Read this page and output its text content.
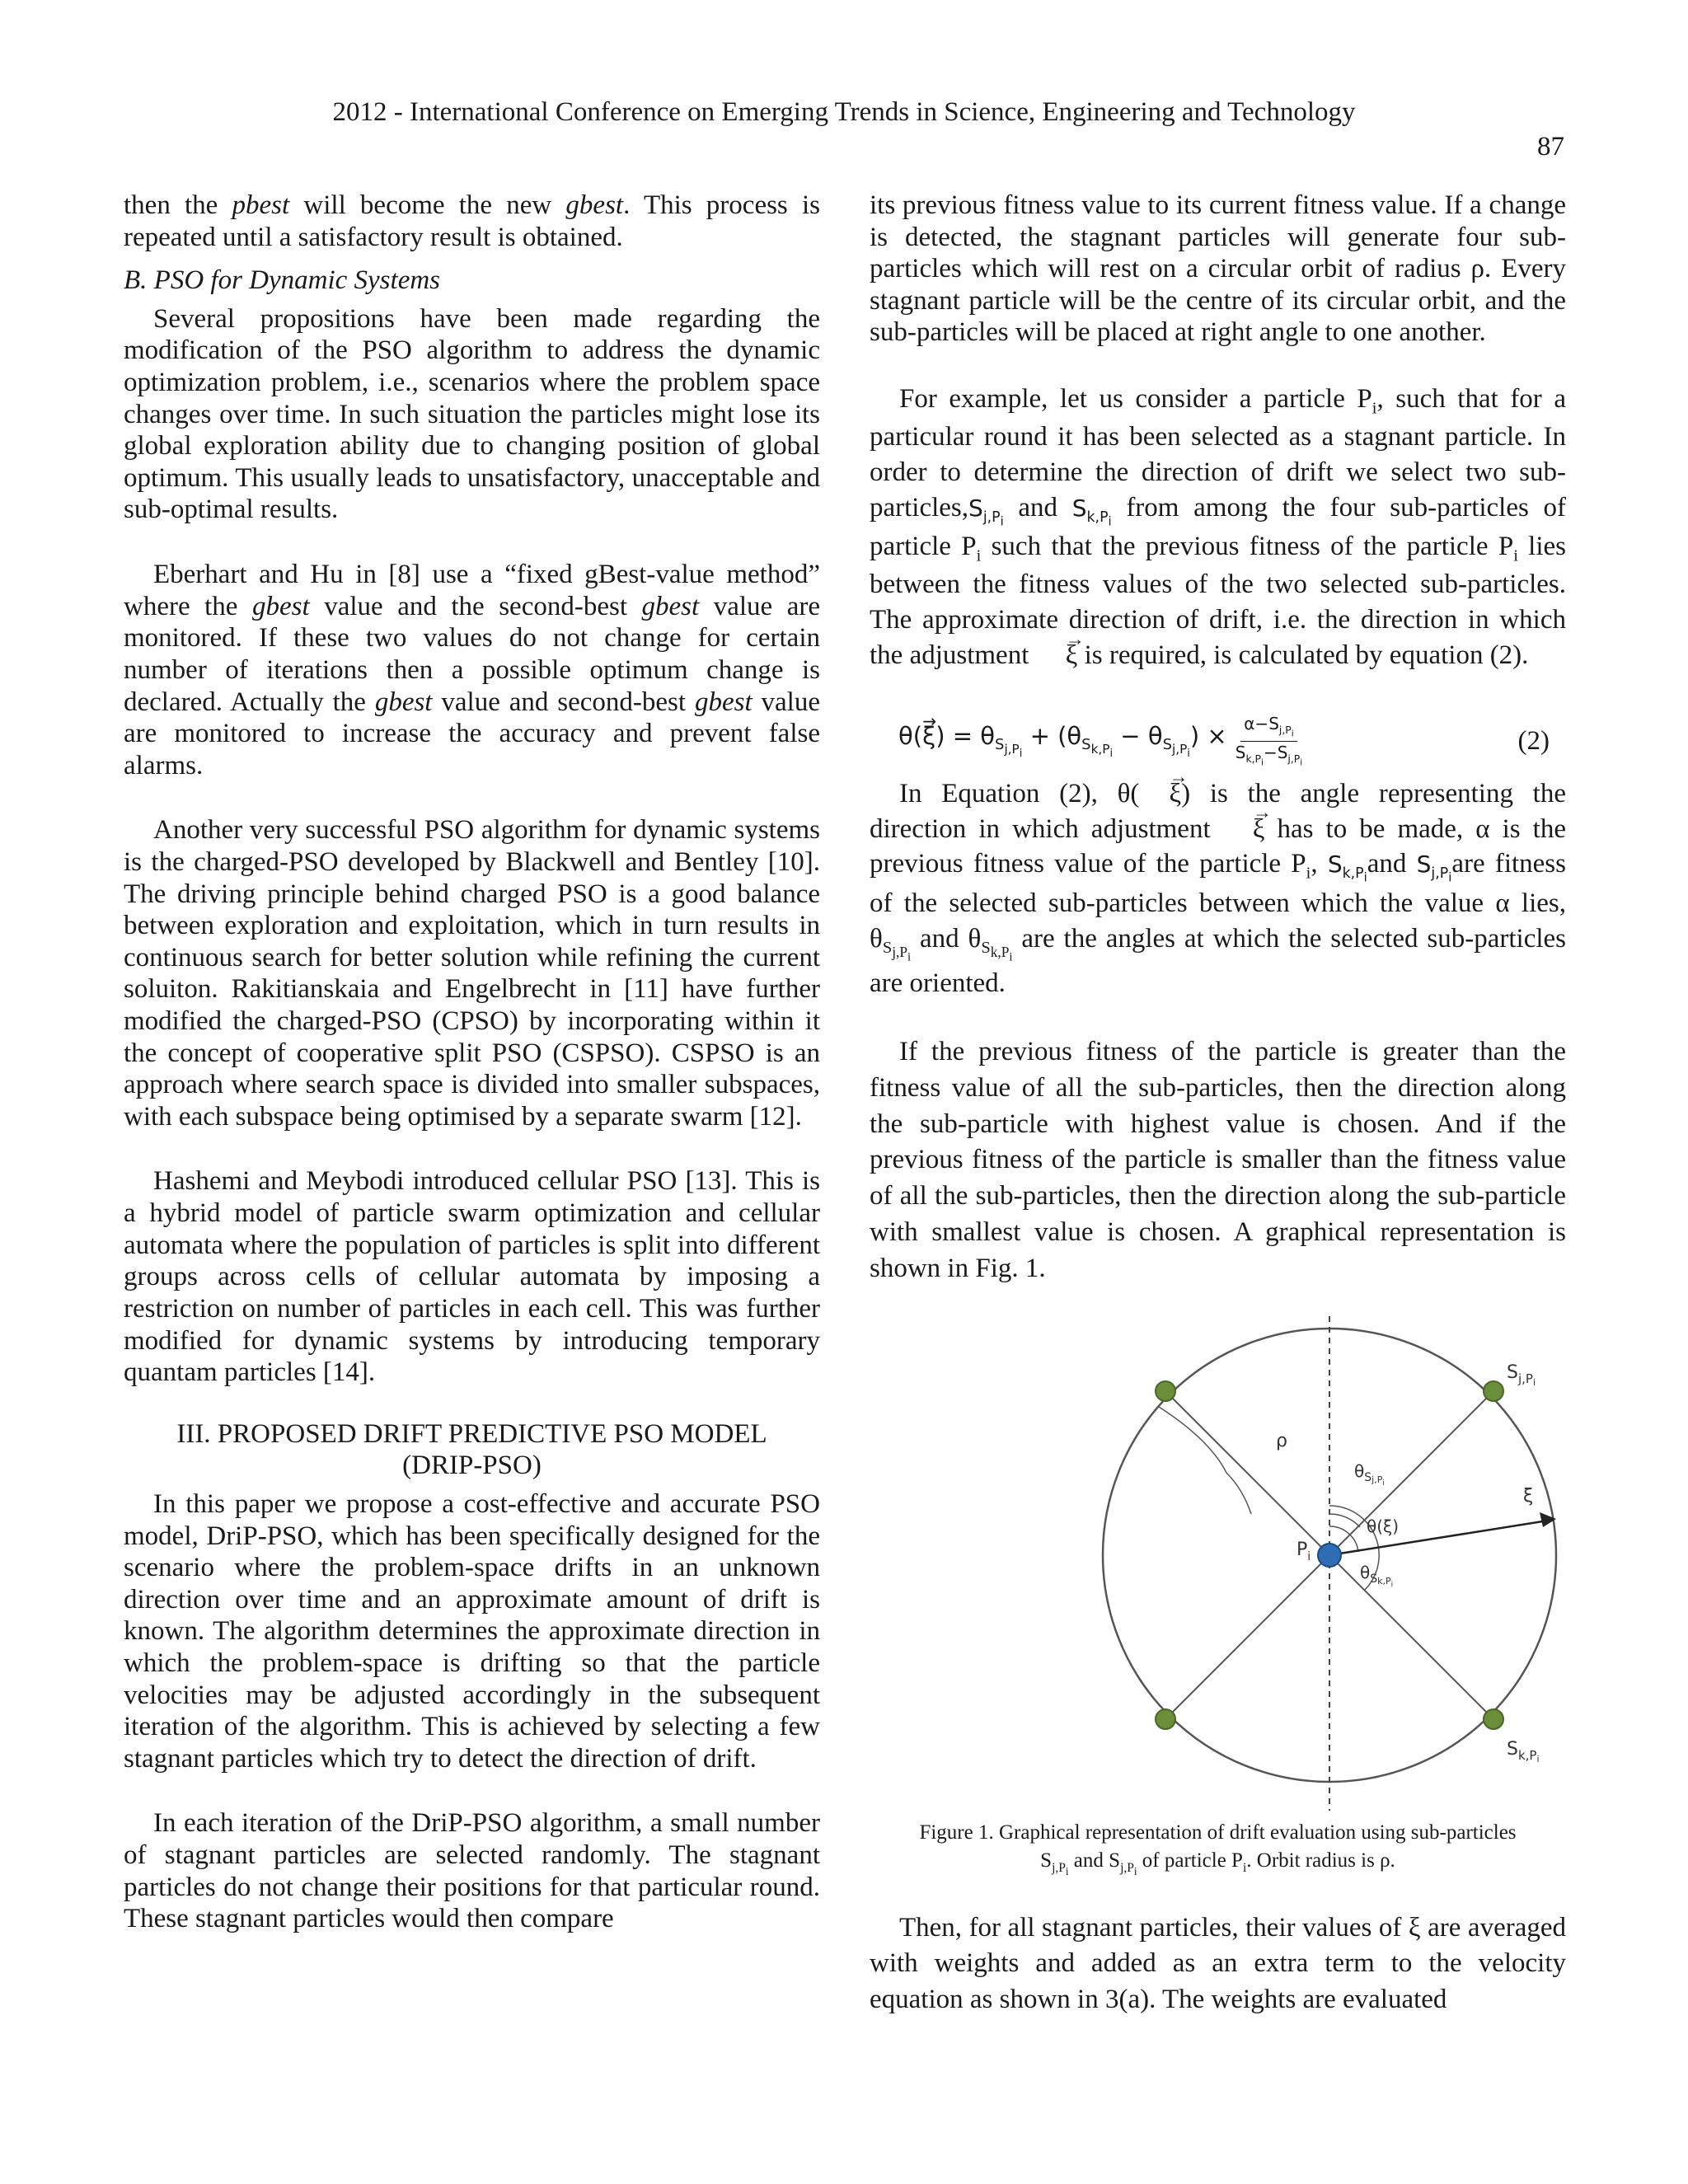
2012 - International Conference on Emerging Trends in Science, Engineering and Technology
87

then the pbest will become the new gbest. This process is repeated until a satisfactory result is obtained.

B. PSO for Dynamic Systems

Several propositions have been made regarding the modification of the PSO algorithm to address the dynamic optimization problem, i.e., scenarios where the problem space changes over time. In such situation the particles might lose its global exploration ability due to changing position of global optimum. This usually leads to unsatisfactory, unacceptable and sub-optimal results.

Eberhart and Hu in [8] use a “fixed gBest-value method” where the gbest value and the second-best gbest value are monitored. If these two values do not change for certain number of iterations then a possible optimum change is declared. Actually the gbest value and second-best gbest value are monitored to increase the accuracy and prevent false alarms.

Another very successful PSO algorithm for dynamic systems is the charged-PSO developed by Blackwell and Bentley [10]. The driving principle behind charged PSO is a good balance between exploration and exploitation, which in turn results in continuous search for better solution while refining the current soluiton. Rakitianskaia and Engelbrecht in [11] have further modified the charged-PSO (CPSO) by incorporating within it the concept of cooperative split PSO (CSPSO). CSPSO is an approach where search space is divided into smaller subspaces, with each subspace being optimised by a separate swarm [12].

Hashemi and Meybodi introduced cellular PSO [13]. This is a hybrid model of particle swarm optimization and cellular automata where the population of particles is split into different groups across cells of cellular automata by imposing a restriction on number of particles in each cell. This was further modified for dynamic systems by introducing temporary quantam particles [14].

III. PROPOSED DRIFT PREDICTIVE PSO MODEL
(DRIP-PSO)

In this paper we propose a cost-effective and accurate PSO model, DriP-PSO, which has been specifically designed for the scenario where the problem-space drifts in an unknown direction over time and an approximate amount of drift is known. The algorithm determines the approximate direction in which the problem-space is drifting so that the particle velocities may be adjusted accordingly in the subsequent iteration of the algorithm. This is achieved by selecting a few stagnant particles which try to detect the direction of drift.

In each iteration of the DriP-PSO algorithm, a small number of stagnant particles are selected randomly. The stagnant particles do not change their positions for that particular round. These stagnant particles would then compare

its previous fitness value to its current fitness value. If a change is detected, the stagnant particles will generate four sub-particles which will rest on a circular orbit of radius ρ. Every stagnant particle will be the centre of its circular orbit, and the sub-particles will be placed at right angle to one another.

For example, let us consider a particle $P_i$, such that for a particular round it has been selected as a stagnant particle. In order to determine the direction of drift we select two sub-$particles,S_{j,P_i}$ and $S_{k,P_i}$ from among the four sub-particles of particle $P_i$ such that the previous fitness of the particle $P_i$ lies between the fitness values of the two selected sub-particles. The approximate direction of drift, i.e. the direction in which the adjustment → ξ is required, is calculated by equation (2).

$\theta(\to \xi) = \theta_{S_{j,P_i}} + (\theta_{S_{k,P_i}} - \theta_{S_{j,P_i}}) \times \frac{\alpha-S_{j,P_i}}{S_{k,P_i}-S_{j,P_i}}$	(2)

In Equation (2), θ(→ ξ) is the angle representing the direction in which adjustment → ξ has to be made, α is the previous fitness value of the particle $P_i$, $S_{k,P_i}and$ $S_{j,P_i}are$ fitness of the selected sub-particles between which the value α lies, $\theta_{S_{j,P_i}}$ and $\theta_{S_{k,P_i}}$ are the angles at which the selected sub-particles are oriented.

If the previous fitness of the particle is greater than the fitness value of all the sub-particles, then the direction along the sub-particle with highest value is chosen. And if the previous fitness of the particle is smaller than the fitness value of all the sub-particles, then the direction along the sub-particle with smallest value is chosen. A graphical representation is shown in Fig. 1.

ρ
$\theta_Sj,Pi$
θ(ξ)
$\theta_Sk,Pi$
ξ
$S_{j,P}i$
$S_{k,P}i$
$P_i$
Figure 1. Graphical representation of drift evaluation using sub-particles
$S_{j,P_i}$ and $S_{j,P_i}$ of particle $P_i$. Orbit radius is ρ.

Then, for all stagnant particles, their values of ξ are averaged with weights and added as an extra term to the velocity equation as shown in 3(a). The weights are evaluated
